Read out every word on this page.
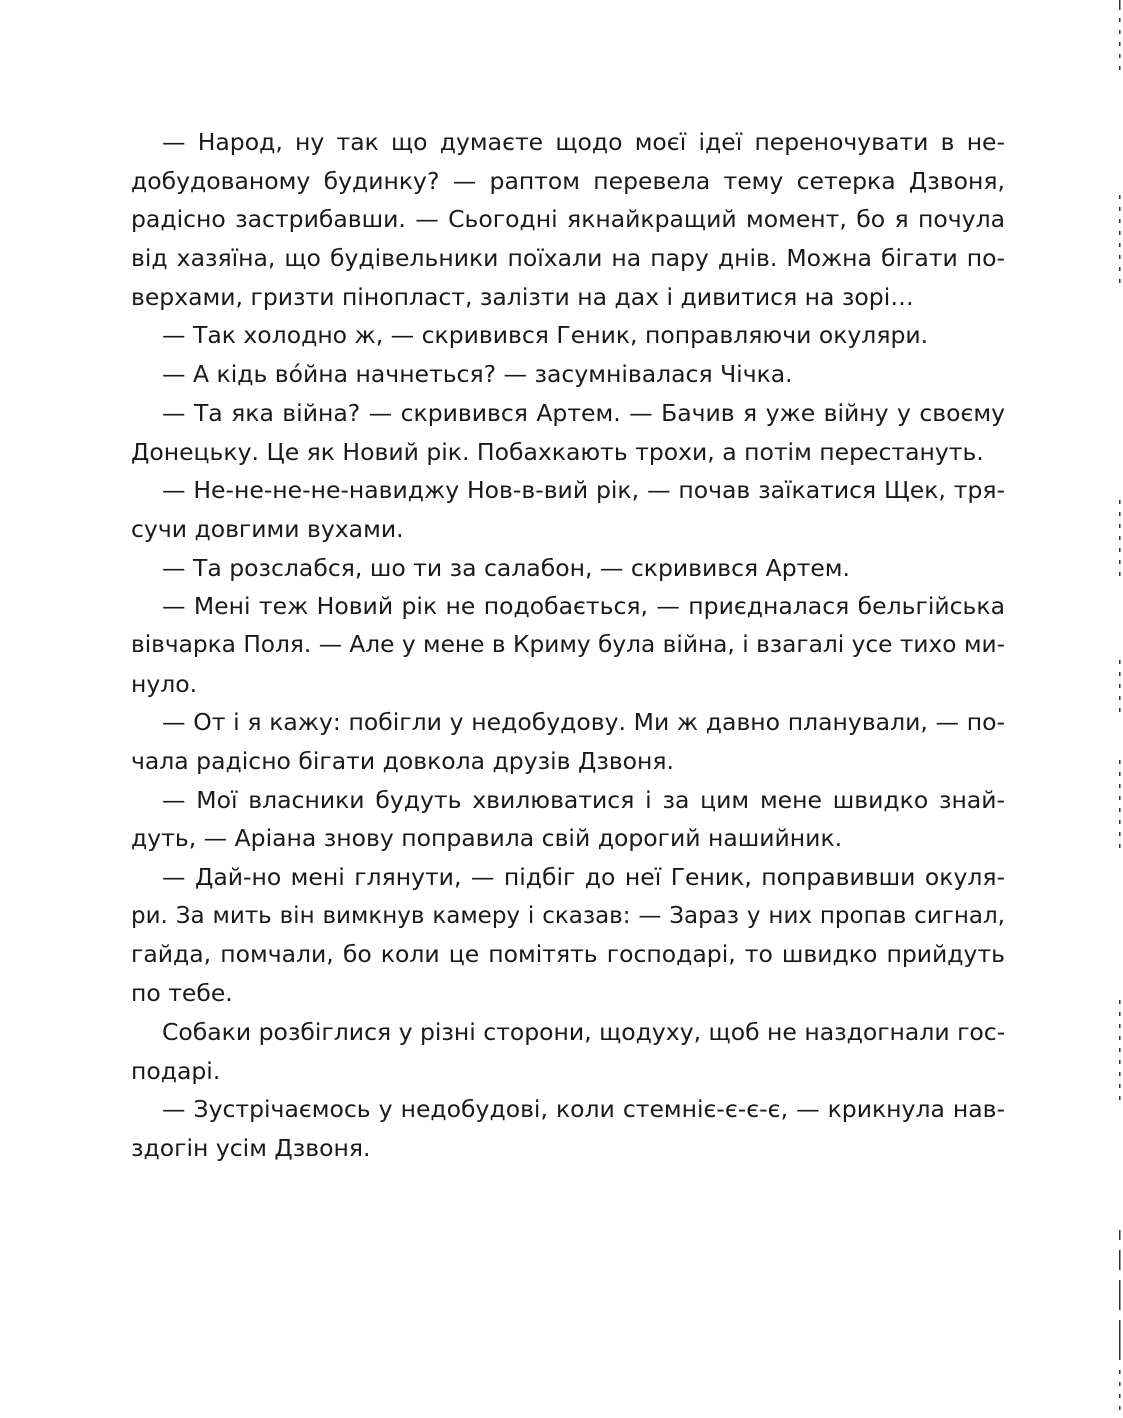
— Народ, ну так що думаєте щодо моєї ідеї переночувати в не-
добудованому будинку? — раптом перевела тему сетерка Дзвоня,
радісно застрибавши. — Сьогодні якнайкращий момент, бо я почула
від хазяїна, що будівельники поїхали на пару днів. Можна бігати по-
верхами, гризти пінопласт, залізти на дах і дивитися на зорі…
— Так холодно ж, — скривився Геник, поправляючи окуляри.
— А кідь во́йна начнеться? — засумнівалася Чічка.
— Та яка війна? — скривився Артем. — Бачив я уже війну у своєму
Донецьку. Це як Новий рік. Побахкають трохи, а потім перестануть.
— Не-не-не-не-навиджу Нов-в-вий рік, — почав заїкатися Щек, тря-
сучи довгими вухами.
— Та розслабся, шо ти за салабон, — скривився Артем.
— Мені теж Новий рік не подобається, — приєдналася бельгійська
вівчарка Поля. — Але у мене в Криму була війна, і взагалі усе тихо ми-
нуло.
— От і я кажу: побігли у недобудову. Ми ж давно планували, — по-
чала радісно бігати довкола друзів Дзвоня.
— Мої власники будуть хвилюватися і за цим мене швидко знай-
дуть, — Аріана знову поправила свій дорогий нашийник.
— Дай-но мені глянути, — підбіг до неї Геник, поправивши окуля-
ри. За мить він вимкнув камеру і сказав: — Зараз у них пропав сигнал,
гайда, помчали, бо коли це помітять господарі, то швидко прийдуть
по тебе.
Собаки розбіглися у різні сторони, щодуху, щоб не наздогнали гос-
подарі.
— Зустрічаємось у недобудові, коли стемніє-є-є-є, — крикнула нав-
здогін усім Дзвоня.
